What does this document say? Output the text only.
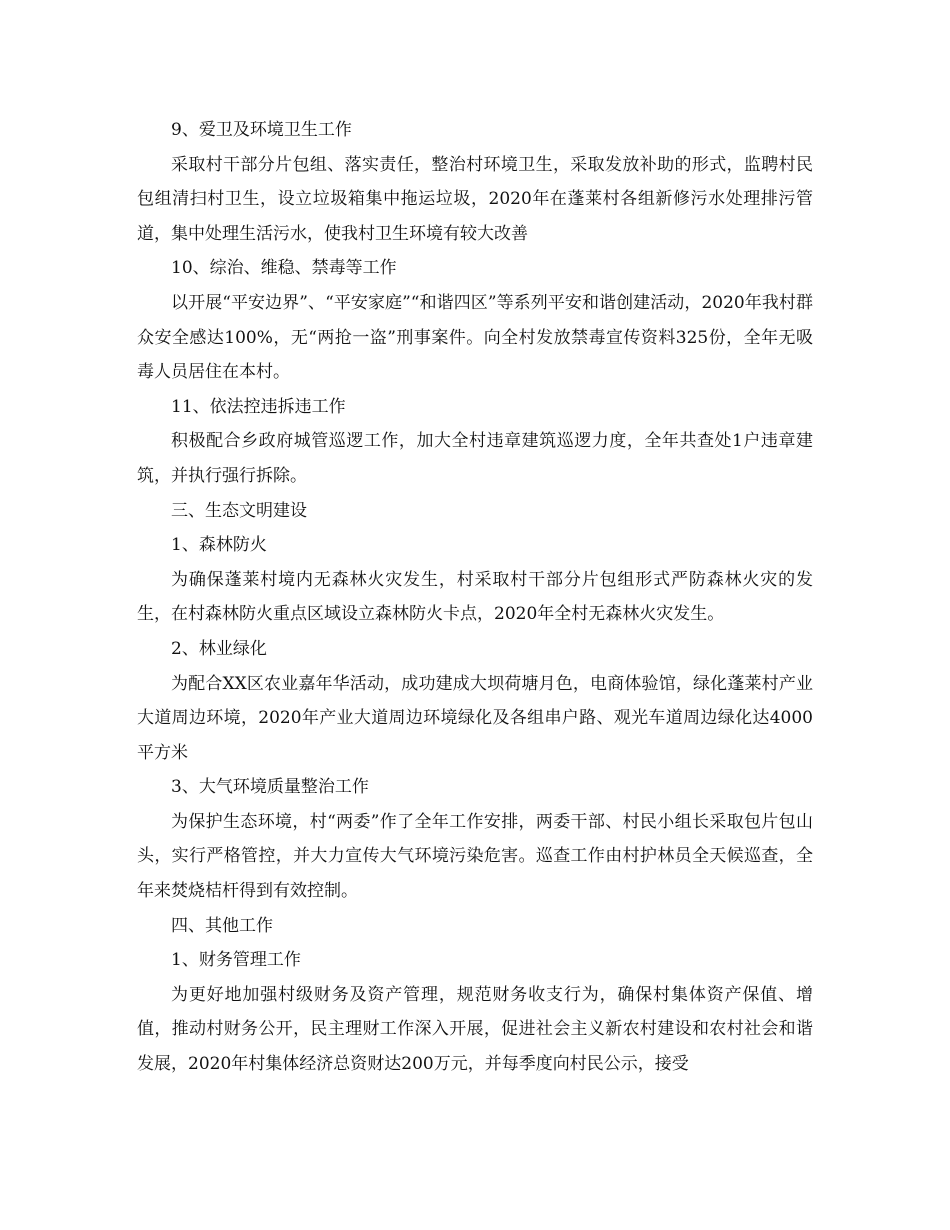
9、爱卫及环境卫生工作

采取村干部分片包组、落实责任，整治村环境卫生，采取发放补助的形式，监聘村民包组清扫村卫生，设立垃圾箱集中拖运垃圾，2020年在蓬莱村各组新修污水处理排污管道，集中处理生活污水，使我村卫生环境有较大改善

10、综治、维稳、禁毒等工作

以开展“平安边界”、“平安家庭”“和谐四区”等系列平安和谐创建活动，2020年我村群众安全感达100%，无“两抢一盗”刑事案件。向全村发放禁毒宣传资料325份，全年无吸毒人员居住在本村。

11、依法控违拆违工作

积极配合乡政府城管巡逻工作，加大全村违章建筑巡逻力度，全年共查处1户违章建筑，并执行强行拆除。

三、生态文明建设

1、森林防火

为确保蓬莱村境内无森林火灾发生，村采取村干部分片包组形式严防森林火灾的发生，在村森林防火重点区域设立森林防火卡点，2020年全村无森林火灾发生。

2、林业绿化

为配合XX区农业嘉年华活动，成功建成大坝荷塘月色，电商体验馆，绿化蓬莱村产业大道周边环境，2020年产业大道周边环境绿化及各组串户路、观光车道周边绿化达4000平方米

3、大气环境质量整治工作

为保护生态环境，村“两委”作了全年工作安排，两委干部、村民小组长采取包片包山头，实行严格管控，并大力宣传大气环境污染危害。巡查工作由村护林员全天候巡查，全年来焚烧桔杆得到有效控制。

四、其他工作

1、财务管理工作

为更好地加强村级财务及资产管理，规范财务收支行为，确保村集体资产保值、增值，推动村财务公开，民主理财工作深入开展，促进社会主义新农村建设和农村社会和谐发展，2020年村集体经济总资财达200万元，并每季度向村民公示，接受
